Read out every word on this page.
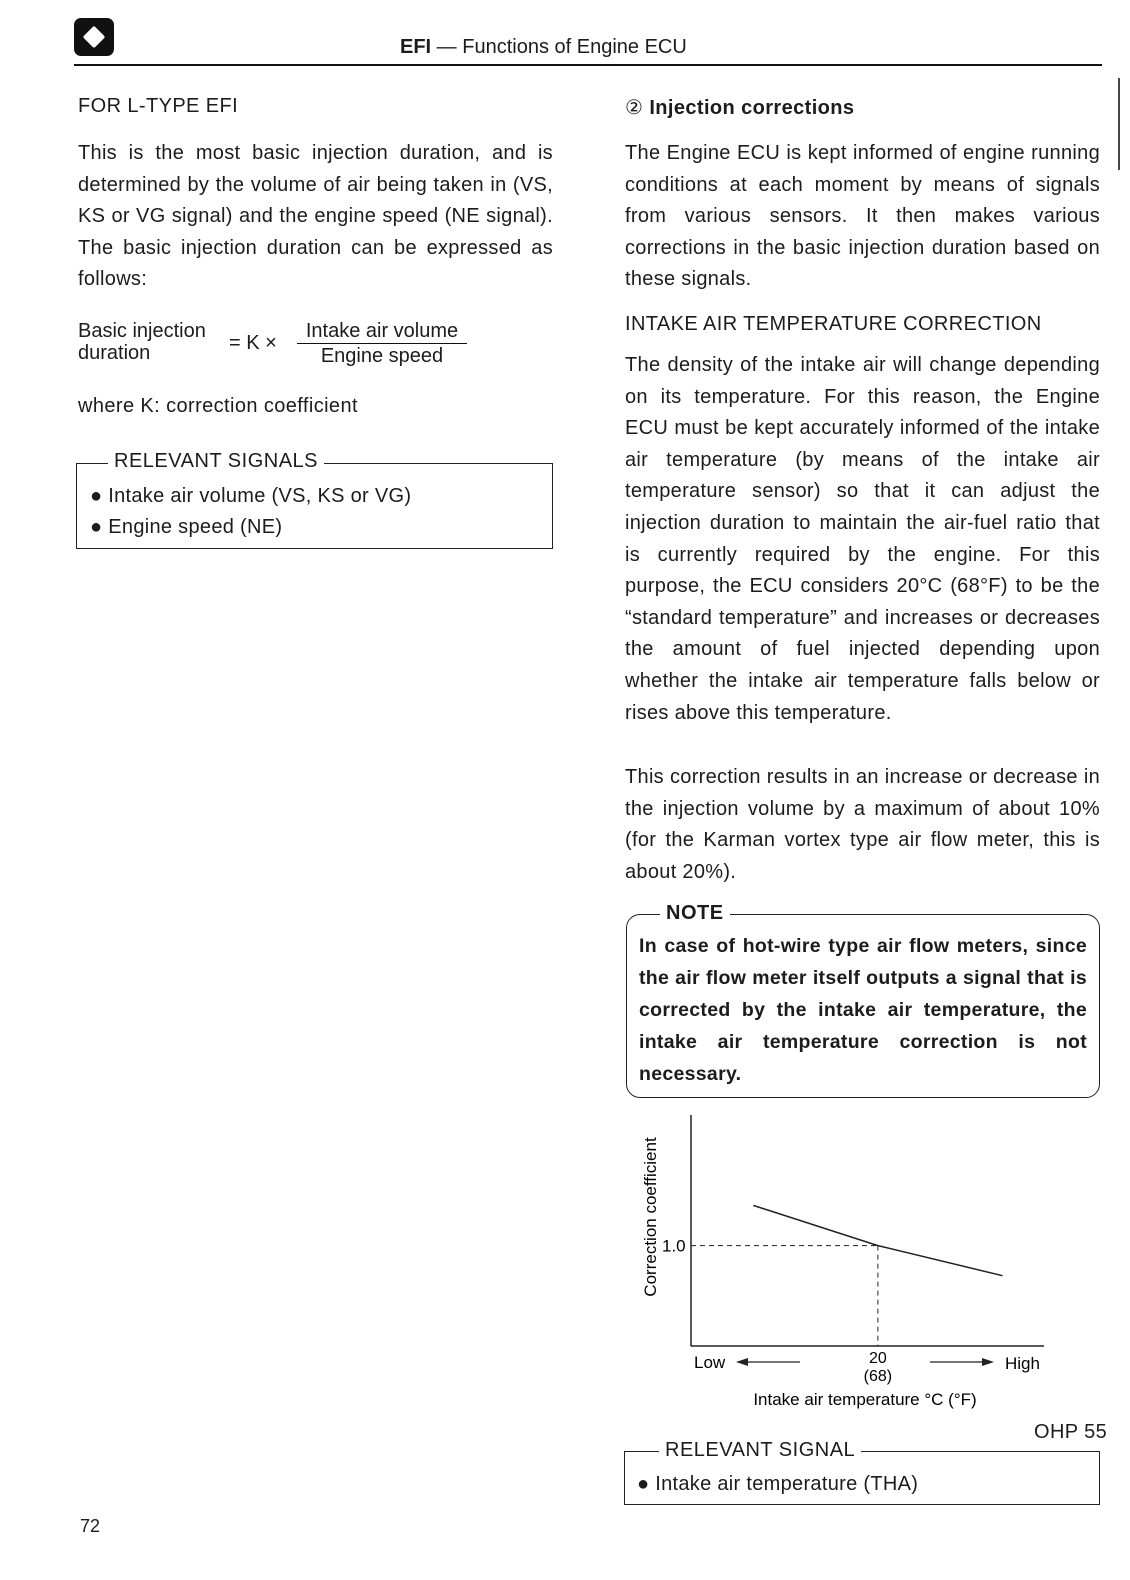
EFI — Functions of Engine ECU
FOR L-TYPE EFI
This is the most basic injection duration, and is determined by the volume of air being taken in (VS, KS or VG signal) and the engine speed (NE signal). The basic injection duration can be expressed as follows:
Basic injection
duration	= K ×
Intake air volume
Engine speed
where K: correction coefficient
RELEVANT SIGNALS
● Intake air volume (VS, KS or VG)
● Engine speed (NE)
② Injection corrections
The Engine ECU is kept informed of engine running conditions at each moment by means of signals from various sensors. It then makes various corrections in the basic injection duration based on these signals.
INTAKE AIR TEMPERATURE CORRECTION
The density of the intake air will change depending on its temperature. For this reason, the Engine ECU must be kept accurately informed of the intake air temperature (by means of the intake air temperature sensor) so that it can adjust the injection duration to maintain the air-fuel ratio that is currently required by the engine. For this purpose, the ECU considers 20°C (68°F) to be the “standard temperature” and increases or decreases the amount of fuel injected depending upon whether the intake air temperature falls below or rises above this temperature.
This correction results in an increase or decrease in the injection volume by a maximum of about 10% (for the Karman vortex type air flow meter, this is about 20%).
NOTE
In case of hot-wire type air flow meters, since the air flow meter itself outputs a signal that is corrected by the intake air temperature, the intake air temperature correction is not necessary.
Correction coefficient 1.0
Low	20
(68)
High
Intake air temperature °C (°F)
OHP 55
RELEVANT SIGNAL
● Intake air temperature (THA)
72
